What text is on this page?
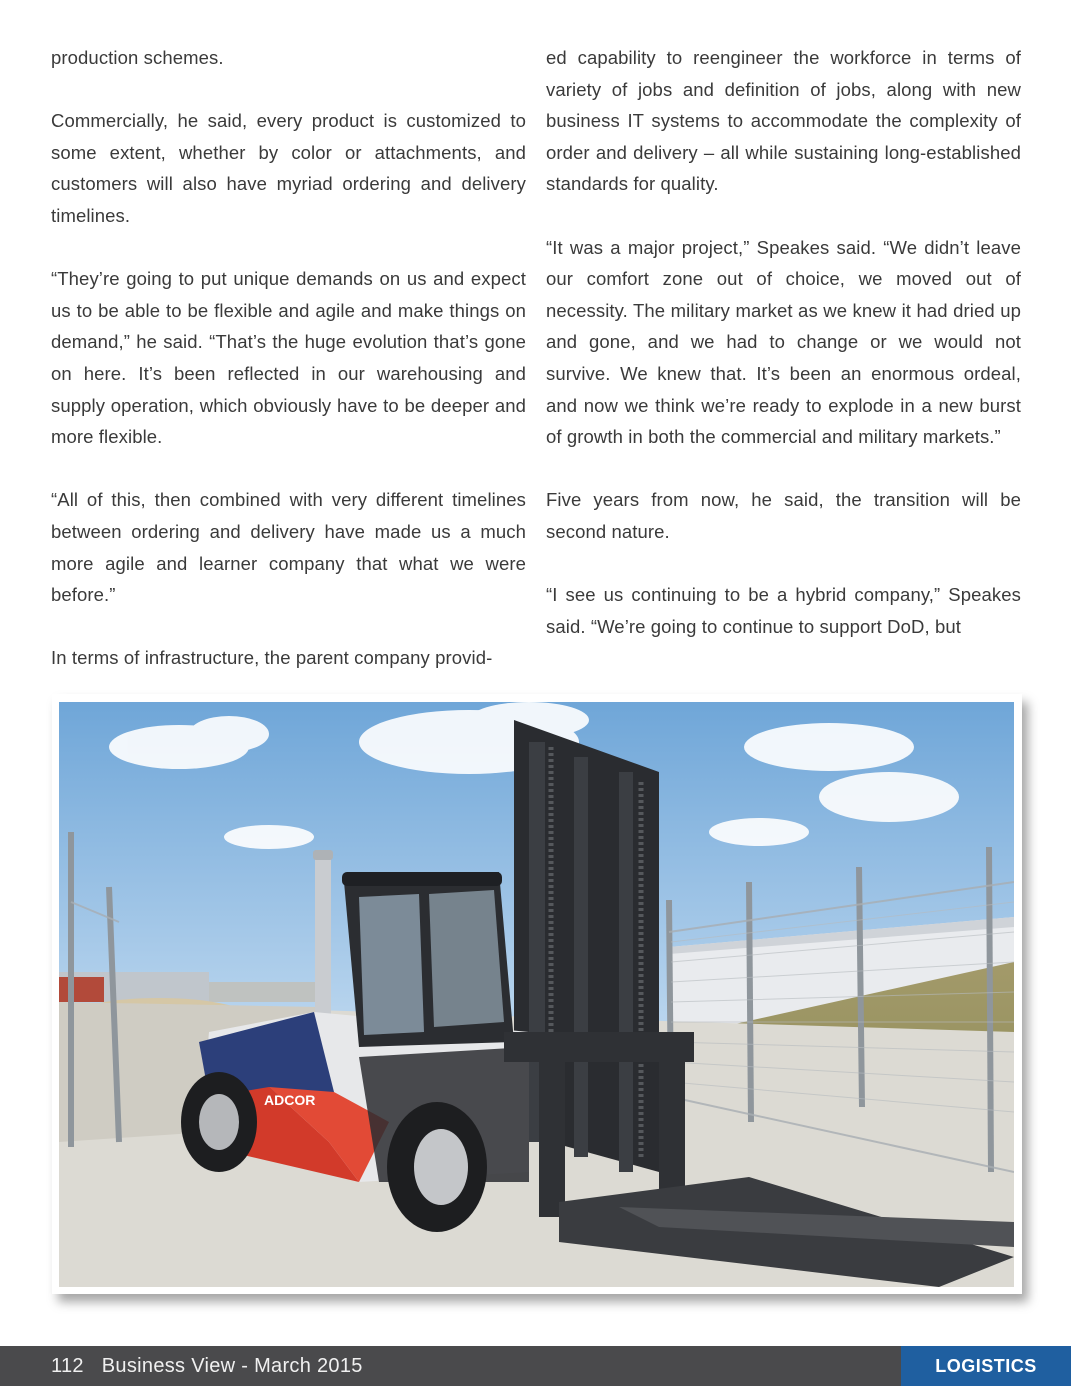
production schemes.

Commercially, he said, every product is customized to some extent, whether by color or attachments, and customers will also have myriad ordering and delivery timelines.

“They’re going to put unique demands on us and expect us to be able to be flexible and agile and make things on demand,” he said. “That’s the huge evolution that’s gone on here. It’s been reflected in our warehousing and supply operation, which obviously have to be deeper and more flexible.

“All of this, then combined with very different timelines between ordering and delivery have made us a much more agile and learner company that what we were before.”

In terms of infrastructure, the parent company provid-

ed capability to reengineer the workforce in terms of variety of jobs and definition of jobs, along with new business IT systems to accommodate the complexity of order and delivery – all while sustaining long-established standards for quality.

“It was a major project,” Speakes said. “We didn’t leave our comfort zone out of choice, we moved out of necessity. The military market as we knew it had dried up and gone, and we had to change or we would not survive. We knew that. It’s been an enormous ordeal, and now we think we’re ready to explode in a new burst of growth in both the commercial and military markets.”

Five years from now, he said, the transition will be second nature.

“I see us continuing to be a hybrid company,” Speakes said. “We’re going to continue to support DoD, but

ADCOR
112 Business View - March 2015	LOGISTICS
